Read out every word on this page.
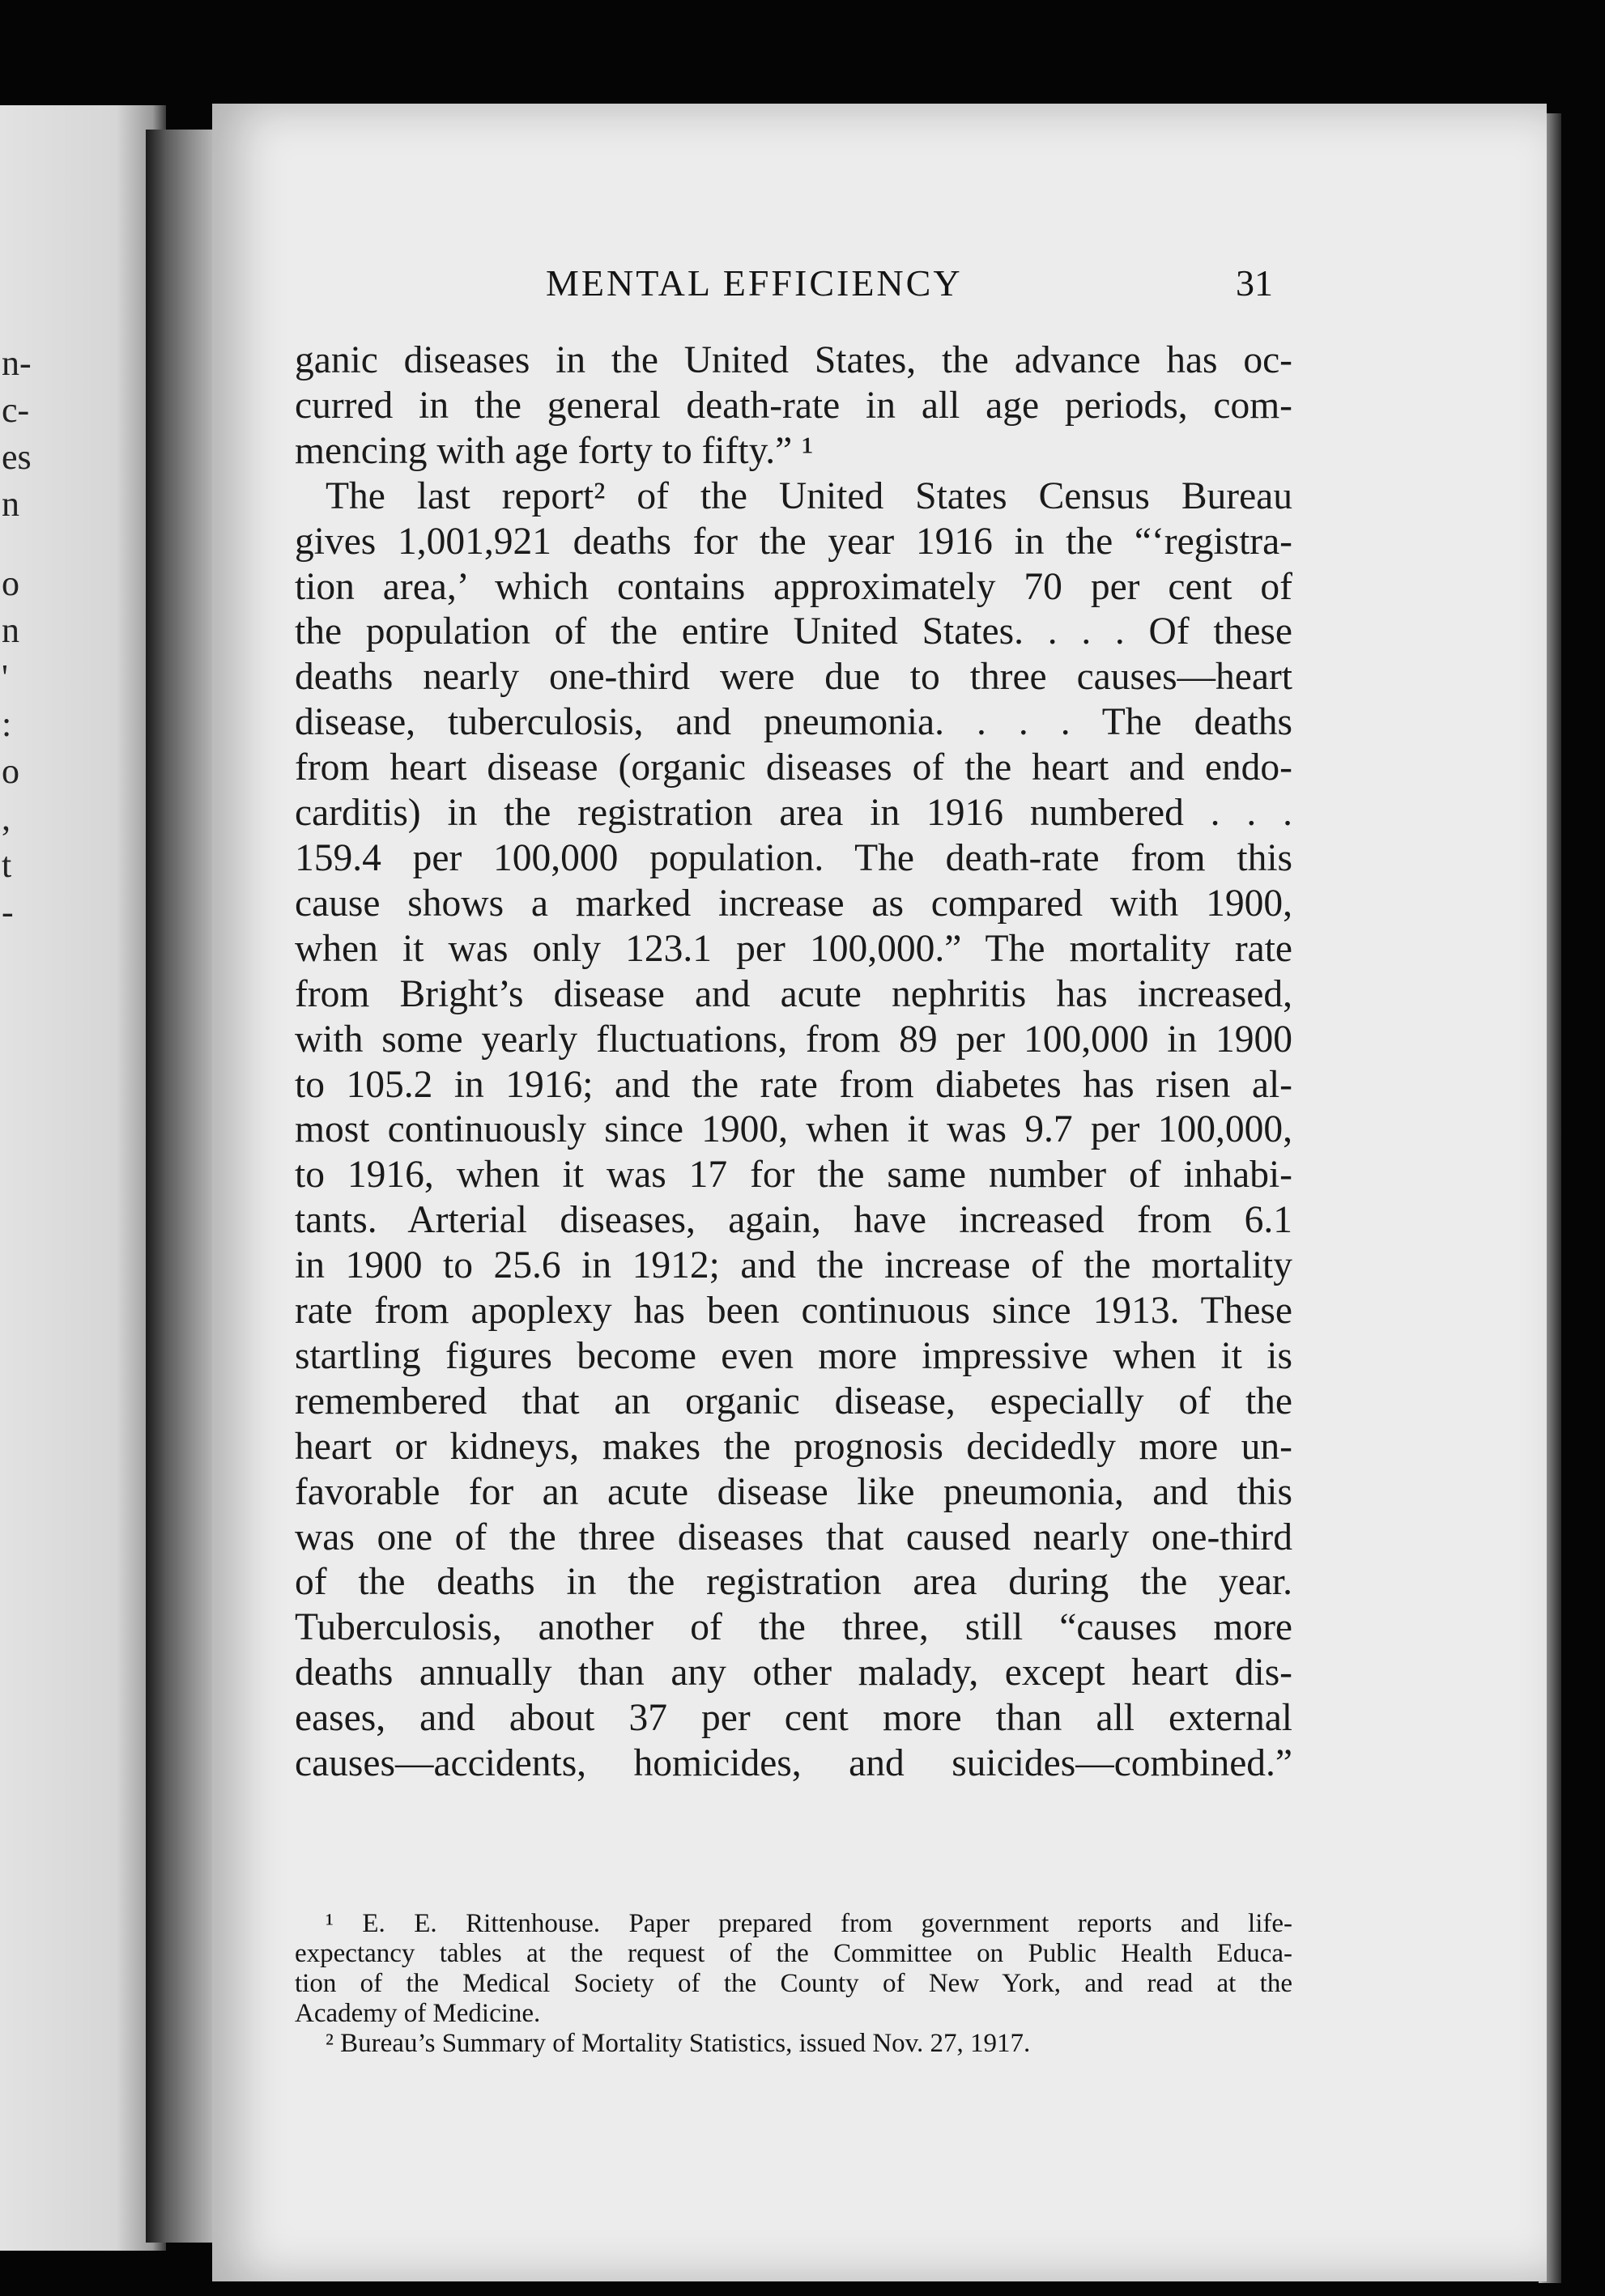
n-
c-
es
n
o
n
'
:
o
,
t
-
MENTAL EFFICIENCY	31
ganic diseases in the United States, the advance has oc-
curred in the general death-rate in all age periods, com-
mencing with age forty to fifty.” ¹
The last report² of the United States Census Bureau
gives 1,001,921 deaths for the year 1916 in the “‘registra-
tion area,’ which contains approximately 70 per cent of
the population of the entire United States. . . . Of these
deaths nearly one-third were due to three causes—heart
disease, tuberculosis, and pneumonia. . . . The deaths
from heart disease (organic diseases of the heart and endo-
carditis) in the registration area in 1916 numbered . . .
159.4 per 100,000 population. The death-rate from this
cause shows a marked increase as compared with 1900,
when it was only 123.1 per 100,000.” The mortality rate
from Bright’s disease and acute nephritis has increased,
with some yearly fluctuations, from 89 per 100,000 in 1900
to 105.2 in 1916; and the rate from diabetes has risen al-
most continuously since 1900, when it was 9.7 per 100,000,
to 1916, when it was 17 for the same number of inhabi-
tants. Arterial diseases, again, have increased from 6.1
in 1900 to 25.6 in 1912; and the increase of the mortality
rate from apoplexy has been continuous since 1913. These
startling figures become even more impressive when it is
remembered that an organic disease, especially of the
heart or kidneys, makes the prognosis decidedly more un-
favorable for an acute disease like pneumonia, and this
was one of the three diseases that caused nearly one-third
of the deaths in the registration area during the year.
Tuberculosis, another of the three, still “causes more
deaths annually than any other malady, except heart dis-
eases, and about 37 per cent more than all external
causes—accidents, homicides, and suicides—combined.”
¹ E. E. Rittenhouse. Paper prepared from government reports and life-
expectancy tables at the request of the Committee on Public Health Educa-
tion of the Medical Society of the County of New York, and read at the
Academy of Medicine.
² Bureau’s Summary of Mortality Statistics, issued Nov. 27, 1917.
